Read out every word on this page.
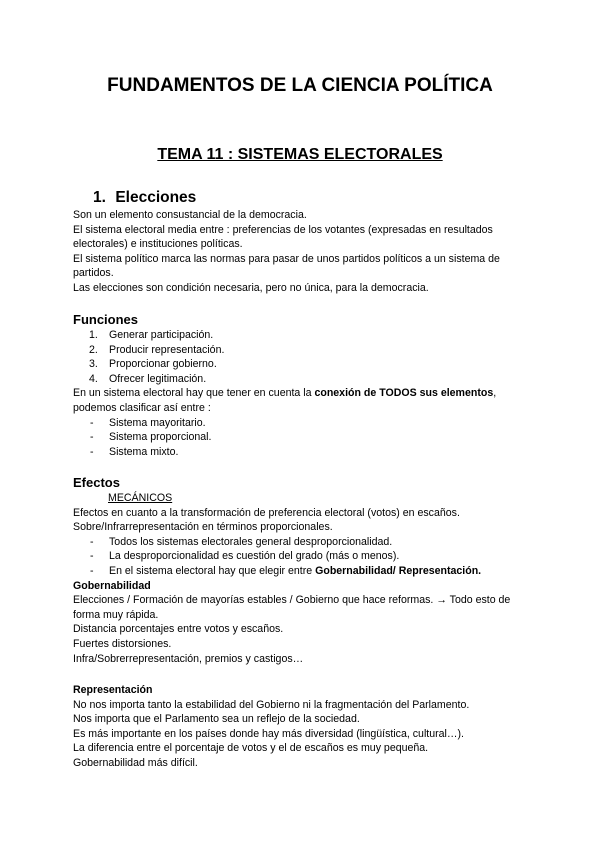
FUNDAMENTOS DE LA CIENCIA POLÍTICA
TEMA 11 : SISTEMAS ELECTORALES
1. Elecciones

Son un elemento consustancial de la democracia.

El sistema electoral media entre : preferencias de los votantes (expresadas en resultados electorales) e instituciones políticas.

El sistema político marca las normas para pasar de unos partidos políticos a un sistema de partidos.

Las elecciones son condición necesaria, pero no única, para la democracia.

Funciones
1.	Generar participación.
2.	Producir representación.
3.	Proporcionar gobierno.
4.	Ofrecer legitimación.

En un sistema electoral hay que tener en cuenta la conexión de TODOS sus elementos, podemos clasificar así entre :

- Sistema mayoritario.
- Sistema proporcional.
- Sistema mixto.
Efectos

MECÁNICOS

Efectos en cuanto a la transformación de preferencia electoral (votos) en escaños.

Sobre/Infrarrepresentación en términos proporcionales.

- Todos los sistemas electorales general desproporcionalidad.
- La desproporcionalidad es cuestión del grado (más o menos).
- En el sistema electoral hay que elegir entre Gobernabilidad/ Representación.
Gobernabilidad

Elecciones / Formación de mayorías estables / Gobierno que hace reformas. → Todo esto de forma muy rápida.

Distancia porcentajes entre votos y escaños.

Fuertes distorsiones.

Infra/Sobrerrepresentación, premios y castigos…

Representación

No nos importa tanto la estabilidad del Gobierno ni la fragmentación del Parlamento.

Nos importa que el Parlamento sea un reflejo de la sociedad.

Es más importante en los países donde hay más diversidad (lingüística, cultural…).

La diferencia entre el porcentaje de votos y el de escaños es muy pequeña.

Gobernabilidad más difícil.
